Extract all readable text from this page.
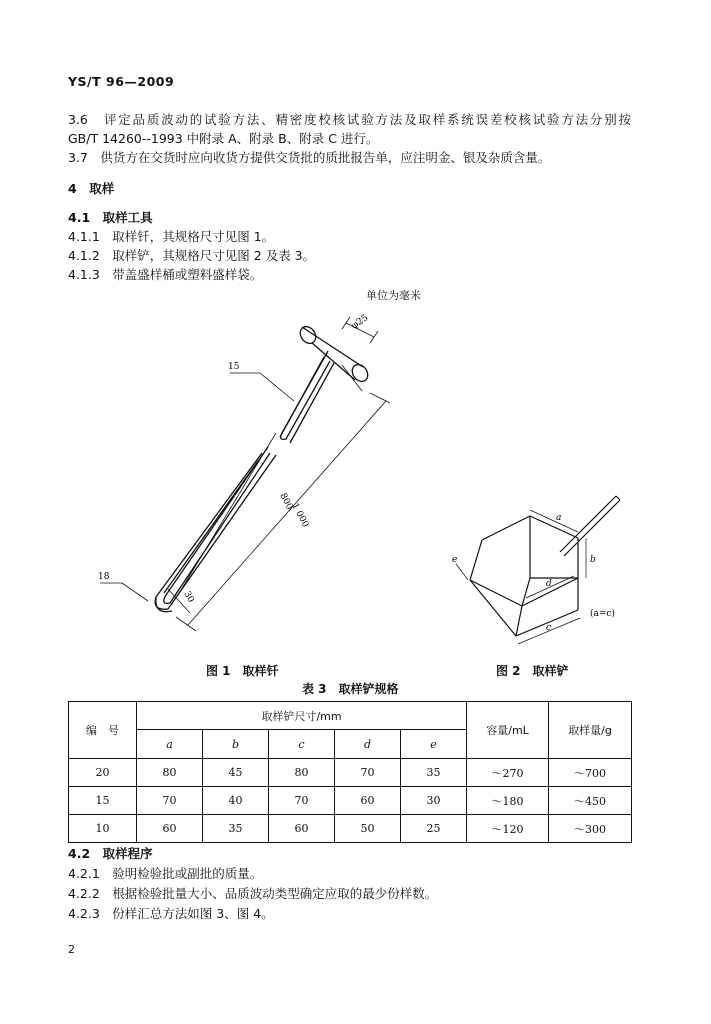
YS/T 96—2009
3.6　评定品质波动的试验方法、精密度校核试验方法及取样系统误差校核试验方法分别按
GB/T 14260--1993 中附录 A、附录 B、附录 C 进行。
3.7　供货方在交货时应向收货方提供交货批的质批报告单，应注明金、银及杂质含量。
4　取样
4.1　取样工具
4.1.1　取样钎，其规格尺寸见图 1。
4.1.2　取样铲，其规格尺寸见图 2 及表 3。
4.1.3　带盖盛样桶或塑料盛样袋。
单位为毫米
φ25
15
800
1 000
18
30
图 1　取样钎
a
b
d
c
e
(a=c)
图 2　取样铲
表 3　取样铲规格
编　号	取样铲尺寸/mm					容量/mL	取样量/g
	a	b	c	d	e		
20	80	45	80	70	35	～270	～700
15	70	40	70	60	30	～180	～450
10	60	35	60	50	25	～120	～300
4.2　取样程序
4.2.1　验明检验批或副批的质量。
4.2.2　根据检验批量大小、品质波动类型确定应取的最少份样数。
4.2.3　份样汇总方法如图 3、图 4。
2
